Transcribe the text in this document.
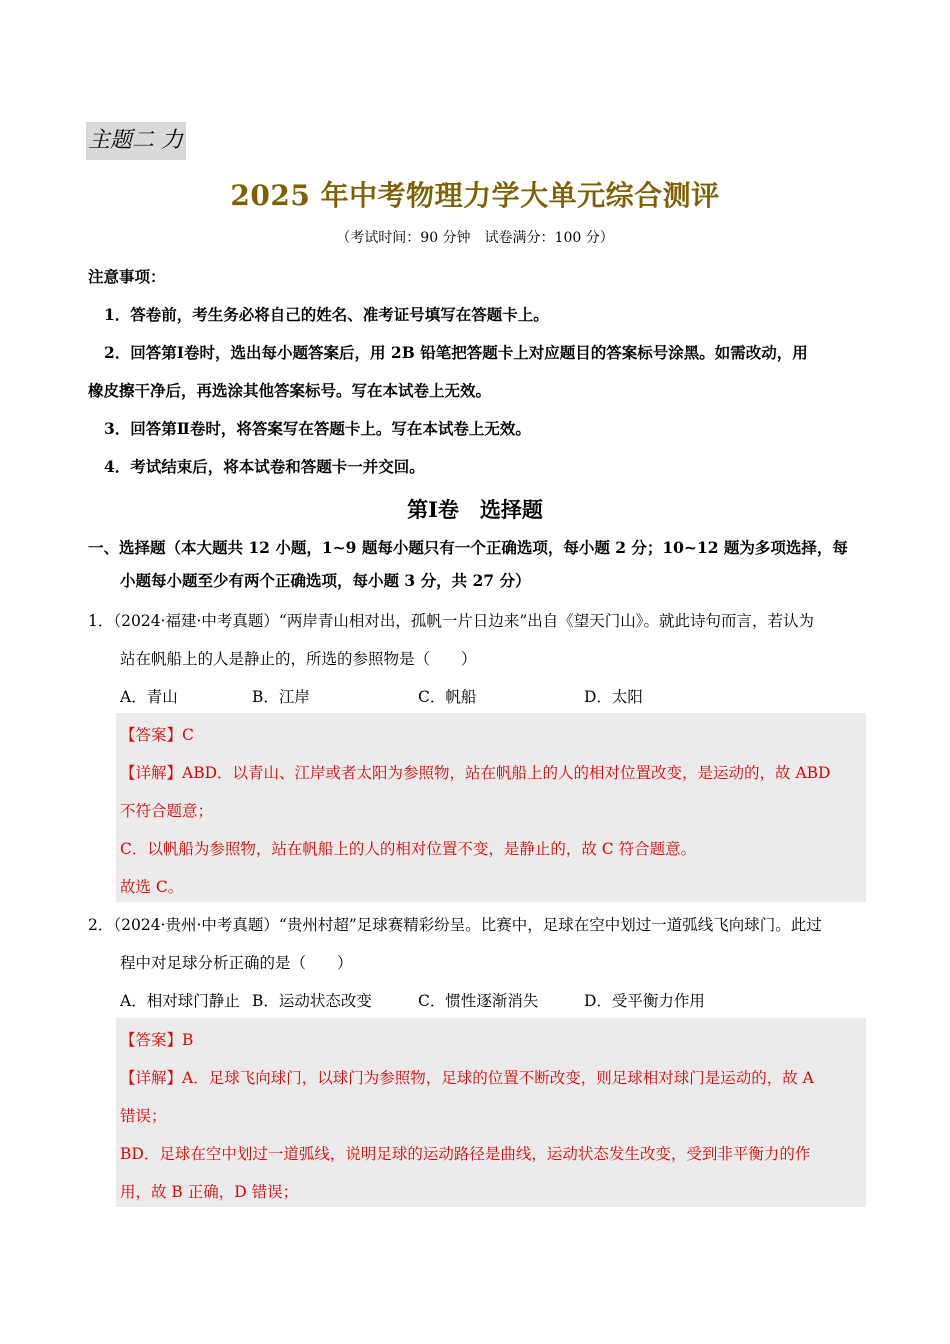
主题二 力
2025 年中考物理力学大单元综合测评
（考试时间：90 分钟　试卷满分：100 分）
注意事项：
1．答卷前，考生务必将自己的姓名、准考证号填写在答题卡上。
2．回答第Ⅰ卷时，选出每小题答案后，用 2B 铅笔把答题卡上对应题目的答案标号涂黑。如需改动，用
橡皮擦干净后，再选涂其他答案标号。写在本试卷上无效。
3．回答第Ⅱ卷时，将答案写在答题卡上。写在本试卷上无效。
4．考试结束后，将本试卷和答题卡一并交回。
第Ⅰ卷　选择题
一、选择题（本大题共 12 小题，1~9 题每小题只有一个正确选项，每小题 2 分；10~12 题为多项选择，每
小题每小题至少有两个正确选项，每小题 3 分，共 27 分）
1．（2024·福建·中考真题）“两岸青山相对出，孤帆一片日边来”出自《望天门山》。就此诗句而言，若认为
站在帆船上的人是静止的，所选的参照物是（　　）
A．青山	B．江岸	C．帆船	D．太阳
【答案】C
【详解】ABD．以青山、江岸或者太阳为参照物，站在帆船上的人的相对位置改变，是运动的，故 ABD
不符合题意；
C．以帆船为参照物，站在帆船上的人的相对位置不变，是静止的，故 C 符合题意。
故选 C。
2．（2024·贵州·中考真题）“贵州村超”足球赛精彩纷呈。比赛中，足球在空中划过一道弧线飞向球门。此过
程中对足球分析正确的是（　　）
A．相对球门静止 B．运动状态改变	C．惯性逐渐消失	D．受平衡力作用
【答案】B
【详解】A．足球飞向球门，以球门为参照物，足球的位置不断改变，则足球相对球门是运动的，故 A
错误；
BD．足球在空中划过一道弧线，说明足球的运动路径是曲线，运动状态发生改变，受到非平衡力的作
用，故 B 正确，D 错误；
